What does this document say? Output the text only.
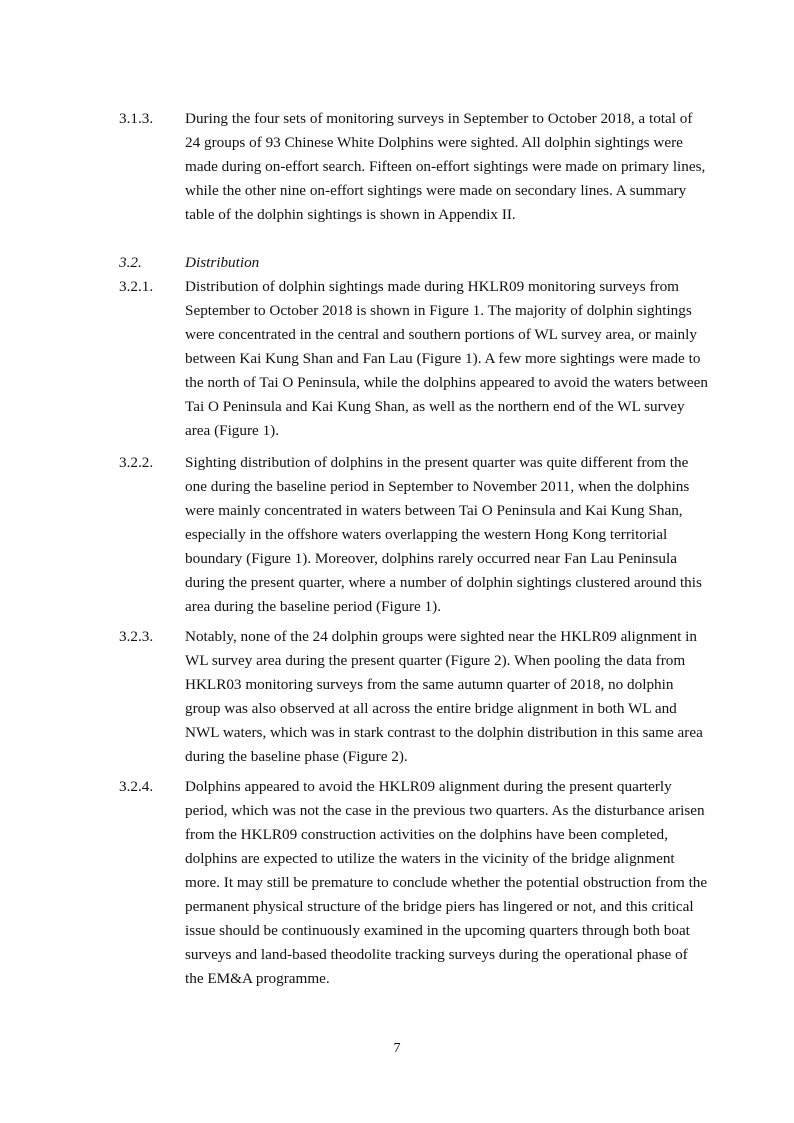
3.1.3. During the four sets of monitoring surveys in September to October 2018, a total of 24 groups of 93 Chinese White Dolphins were sighted. All dolphin sightings were made during on-effort search. Fifteen on-effort sightings were made on primary lines, while the other nine on-effort sightings were made on secondary lines. A summary table of the dolphin sightings is shown in Appendix II.
3.2.	Distribution
3.2.1. Distribution of dolphin sightings made during HKLR09 monitoring surveys from September to October 2018 is shown in Figure 1. The majority of dolphin sightings were concentrated in the central and southern portions of WL survey area, or mainly between Kai Kung Shan and Fan Lau (Figure 1). A few more sightings were made to the north of Tai O Peninsula, while the dolphins appeared to avoid the waters between Tai O Peninsula and Kai Kung Shan, as well as the northern end of the WL survey area (Figure 1).
3.2.2. Sighting distribution of dolphins in the present quarter was quite different from the one during the baseline period in September to November 2011, when the dolphins were mainly concentrated in waters between Tai O Peninsula and Kai Kung Shan, especially in the offshore waters overlapping the western Hong Kong territorial boundary (Figure 1). Moreover, dolphins rarely occurred near Fan Lau Peninsula during the present quarter, where a number of dolphin sightings clustered around this area during the baseline period (Figure 1).
3.2.3. Notably, none of the 24 dolphin groups were sighted near the HKLR09 alignment in WL survey area during the present quarter (Figure 2). When pooling the data from HKLR03 monitoring surveys from the same autumn quarter of 2018, no dolphin group was also observed at all across the entire bridge alignment in both WL and NWL waters, which was in stark contrast to the dolphin distribution in this same area during the baseline phase (Figure 2).
3.2.4. Dolphins appeared to avoid the HKLR09 alignment during the present quarterly period, which was not the case in the previous two quarters. As the disturbance arisen from the HKLR09 construction activities on the dolphins have been completed, dolphins are expected to utilize the waters in the vicinity of the bridge alignment more. It may still be premature to conclude whether the potential obstruction from the permanent physical structure of the bridge piers has lingered or not, and this critical issue should be continuously examined in the upcoming quarters through both boat surveys and land-based theodolite tracking surveys during the operational phase of the EM&A programme.
7
